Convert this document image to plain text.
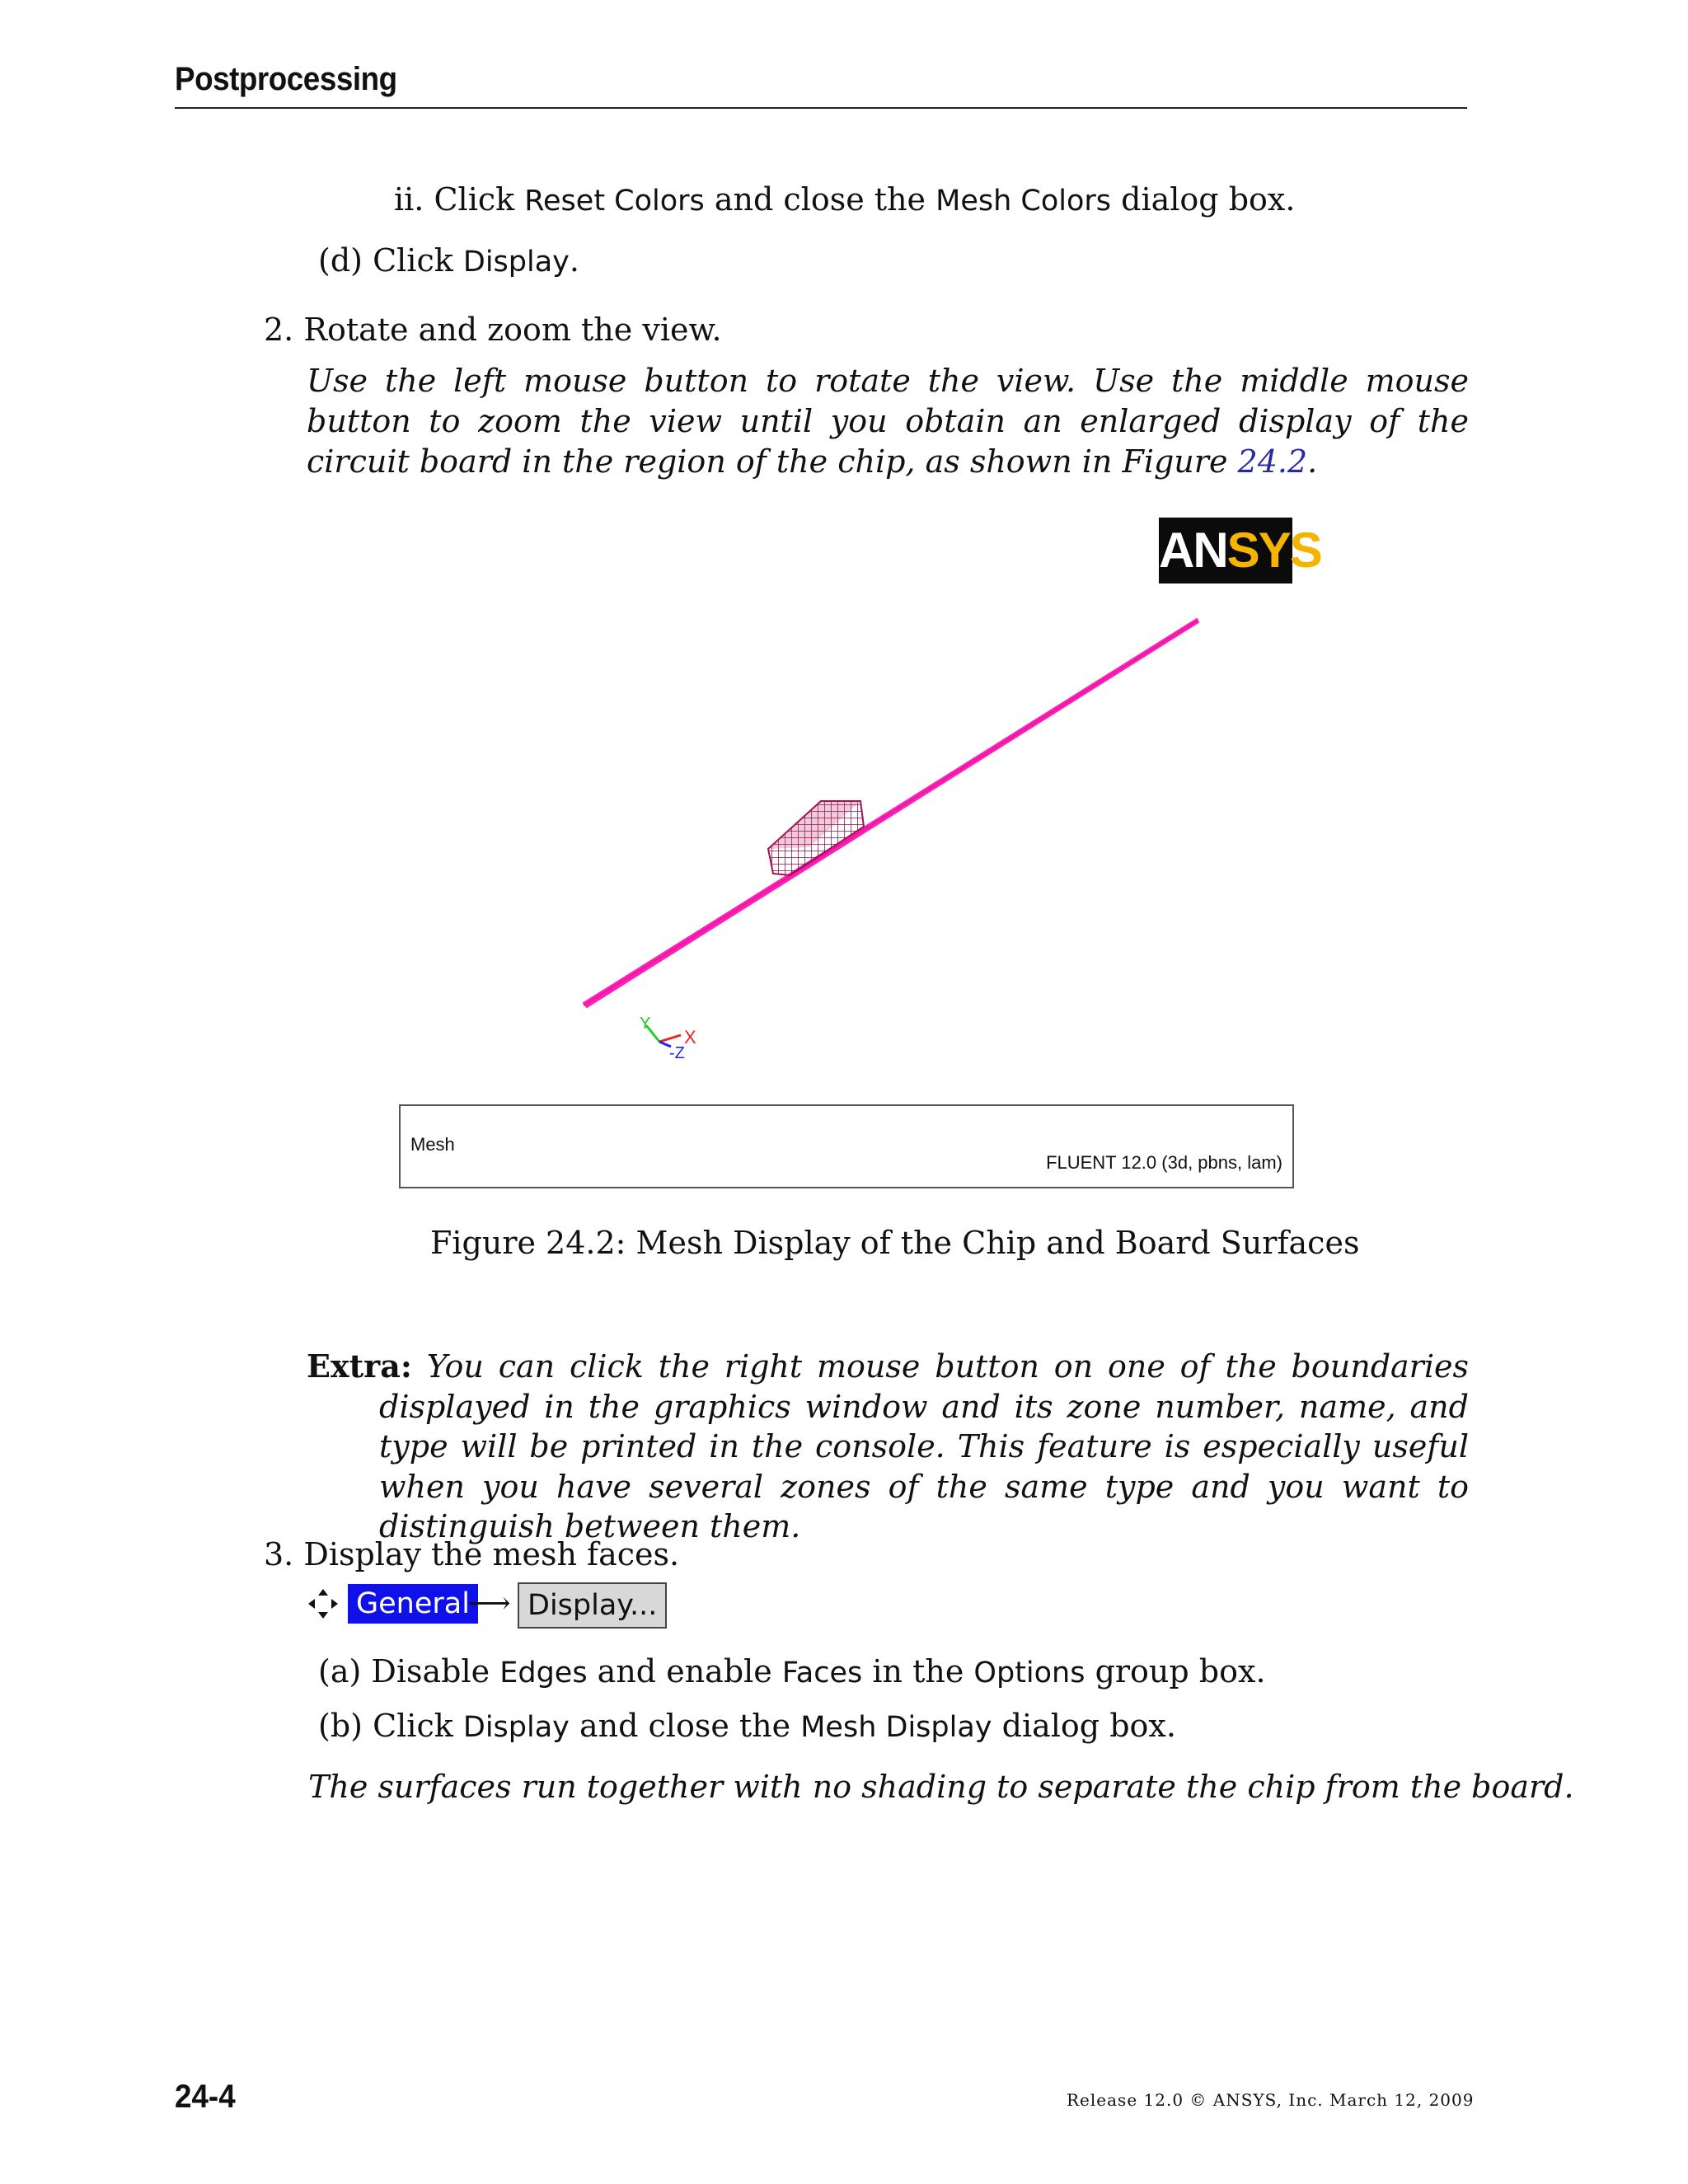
Postprocessing
ii. Click Reset Colors and close the Mesh Colors dialog box.
(d) Click Display.
2. Rotate and zoom the view.
Use the left mouse button to rotate the view. Use the middle mouse button to zoom the view until you obtain an enlarged display of the circuit board in the region of the chip, as shown in Figure 24.2.
ANSYS
Y
X
-Z
Mesh
FLUENT 12.0 (3d, pbns, lam)
Figure 24.2: Mesh Display of the Chip and Board Surfaces
Extra: You can click the right mouse button on one of the boundaries displayed in the graphics window and its zone number, name, and type will be printed in the console. This feature is especially useful when you have several zones of the same type and you want to distinguish between them.
3. Display the mesh faces.
General
⟶ Display...
(a) Disable Edges and enable Faces in the Options group box.
(b) Click Display and close the Mesh Display dialog box.
The surfaces run together with no shading to separate the chip from the board.
24-4	Release 12.0 © ANSYS, Inc. March 12, 2009
